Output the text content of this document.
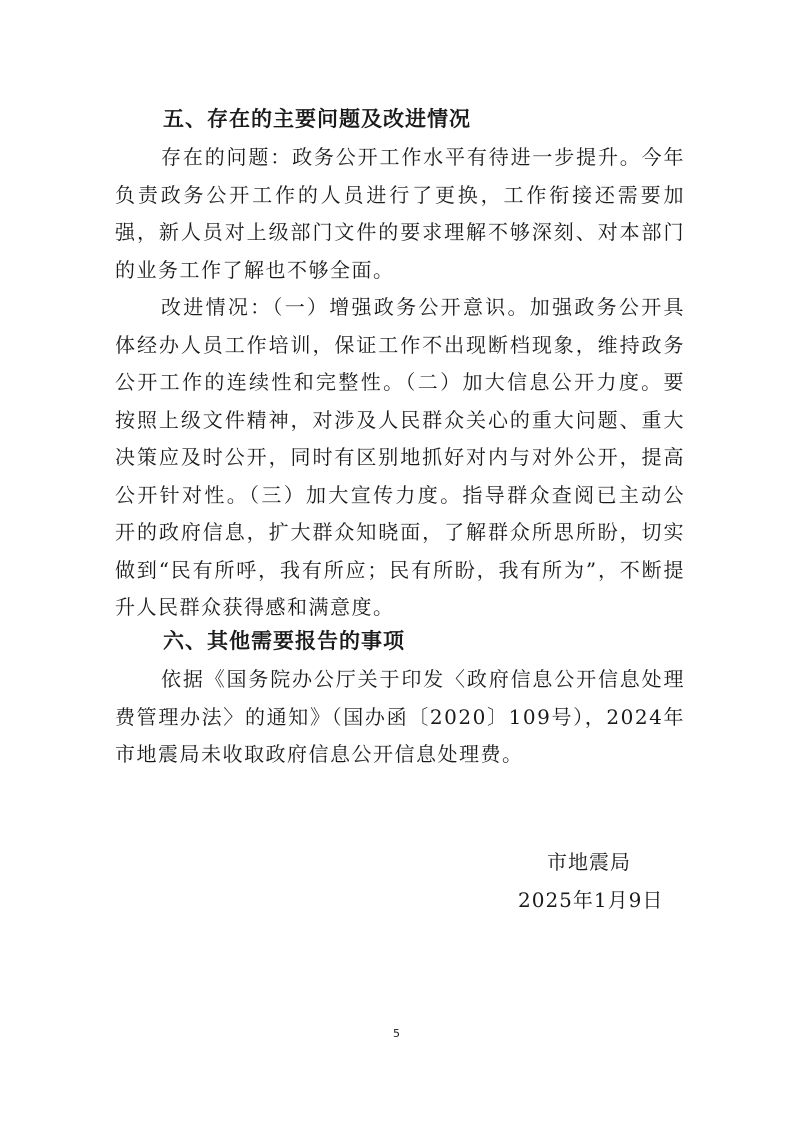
五、存在的主要问题及改进情况

存在的问题：政务公开工作水平有待进一步提升。今年负责政务公开工作的人员进行了更换，工作衔接还需要加强，新人员对上级部门文件的要求理解不够深刻、对本部门的业务工作了解也不够全面。

改进情况：（一）增强政务公开意识。加强政务公开具体经办人员工作培训，保证工作不出现断档现象，维持政务公开工作的连续性和完整性。（二）加大信息公开力度。要按照上级文件精神，对涉及人民群众关心的重大问题、重大决策应及时公开，同时有区别地抓好对内与对外公开，提高公开针对性。（三）加大宣传力度。指导群众查阅已主动公开的政府信息，扩大群众知晓面，了解群众所思所盼，切实做到“民有所呼，我有所应；民有所盼，我有所为”，不断提升人民群众获得感和满意度。

六、其他需要报告的事项

依据《国务院办公厅关于印发〈政府信息公开信息处理费管理办法〉的通知》（国办函〔2020〕109号），2024年市地震局未收取政府信息公开信息处理费。

市地震局

2025年1月9日

5
